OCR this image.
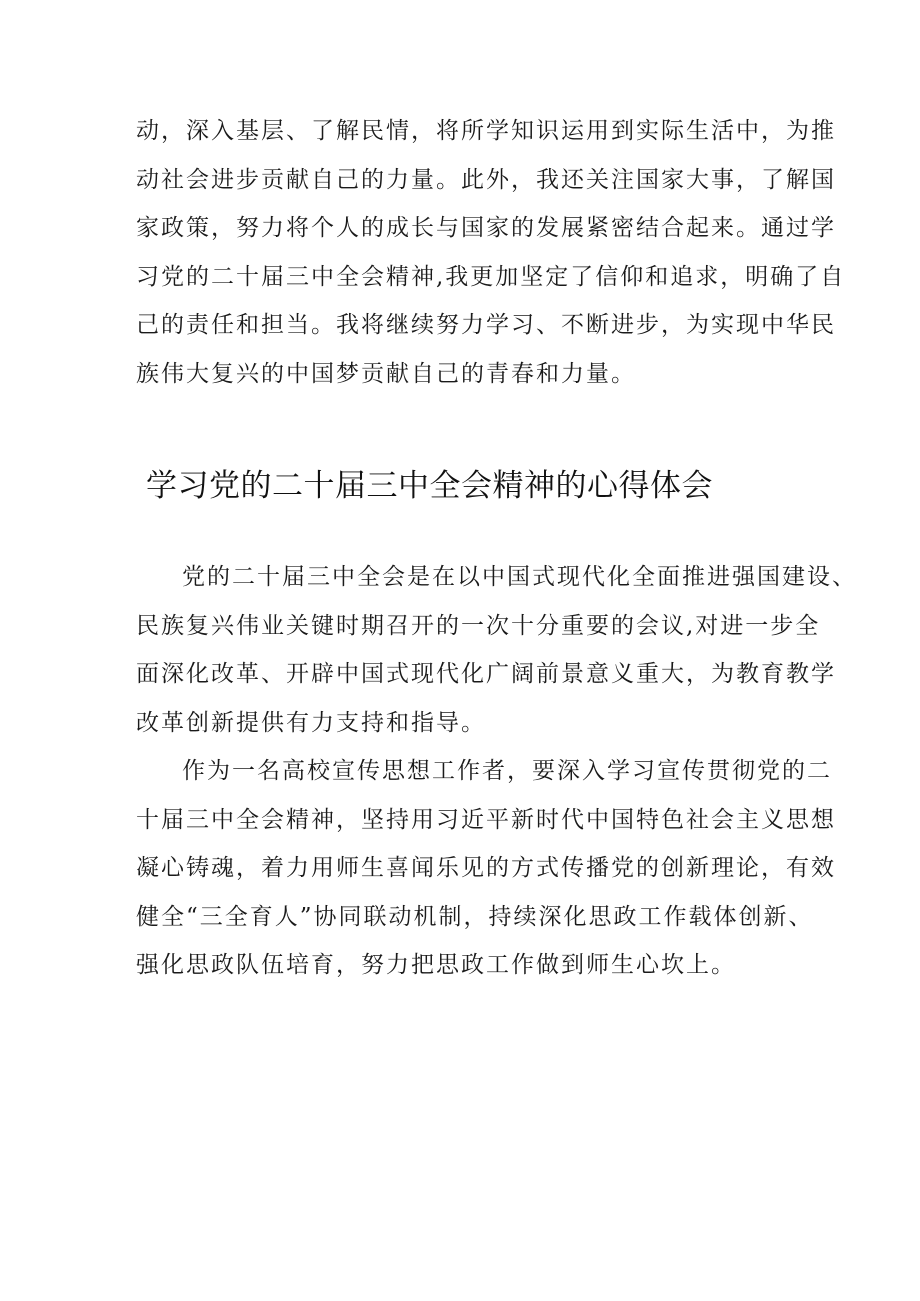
动，深入基层、了解民情，将所学知识运用到实际生活中，为推
动社会进步贡献自己的力量。此外，我还关注国家大事，了解国
家政策，努力将个人的成长与国家的发展紧密结合起来。通过学
习党的二十届三中全会精神,我更加坚定了信仰和追求，明确了自
己的责任和担当。我将继续努力学习、不断进步，为实现中华民
族伟大复兴的中国梦贡献自己的青春和力量。
学习党的二十届三中全会精神的心得体会
党的二十届三中全会是在以中国式现代化全面推进强国建设、
民族复兴伟业关键时期召开的一次十分重要的会议,对进一步全
面深化改革、开辟中国式现代化广阔前景意义重大，为教育教学
改革创新提供有力支持和指导。
作为一名高校宣传思想工作者，要深入学习宣传贯彻党的二
十届三中全会精神，坚持用习近平新时代中国特色社会主义思想
凝心铸魂，着力用师生喜闻乐见的方式传播党的创新理论，有效
健全“三全育人”协同联动机制，持续深化思政工作载体创新、
强化思政队伍培育，努力把思政工作做到师生心坎上。
